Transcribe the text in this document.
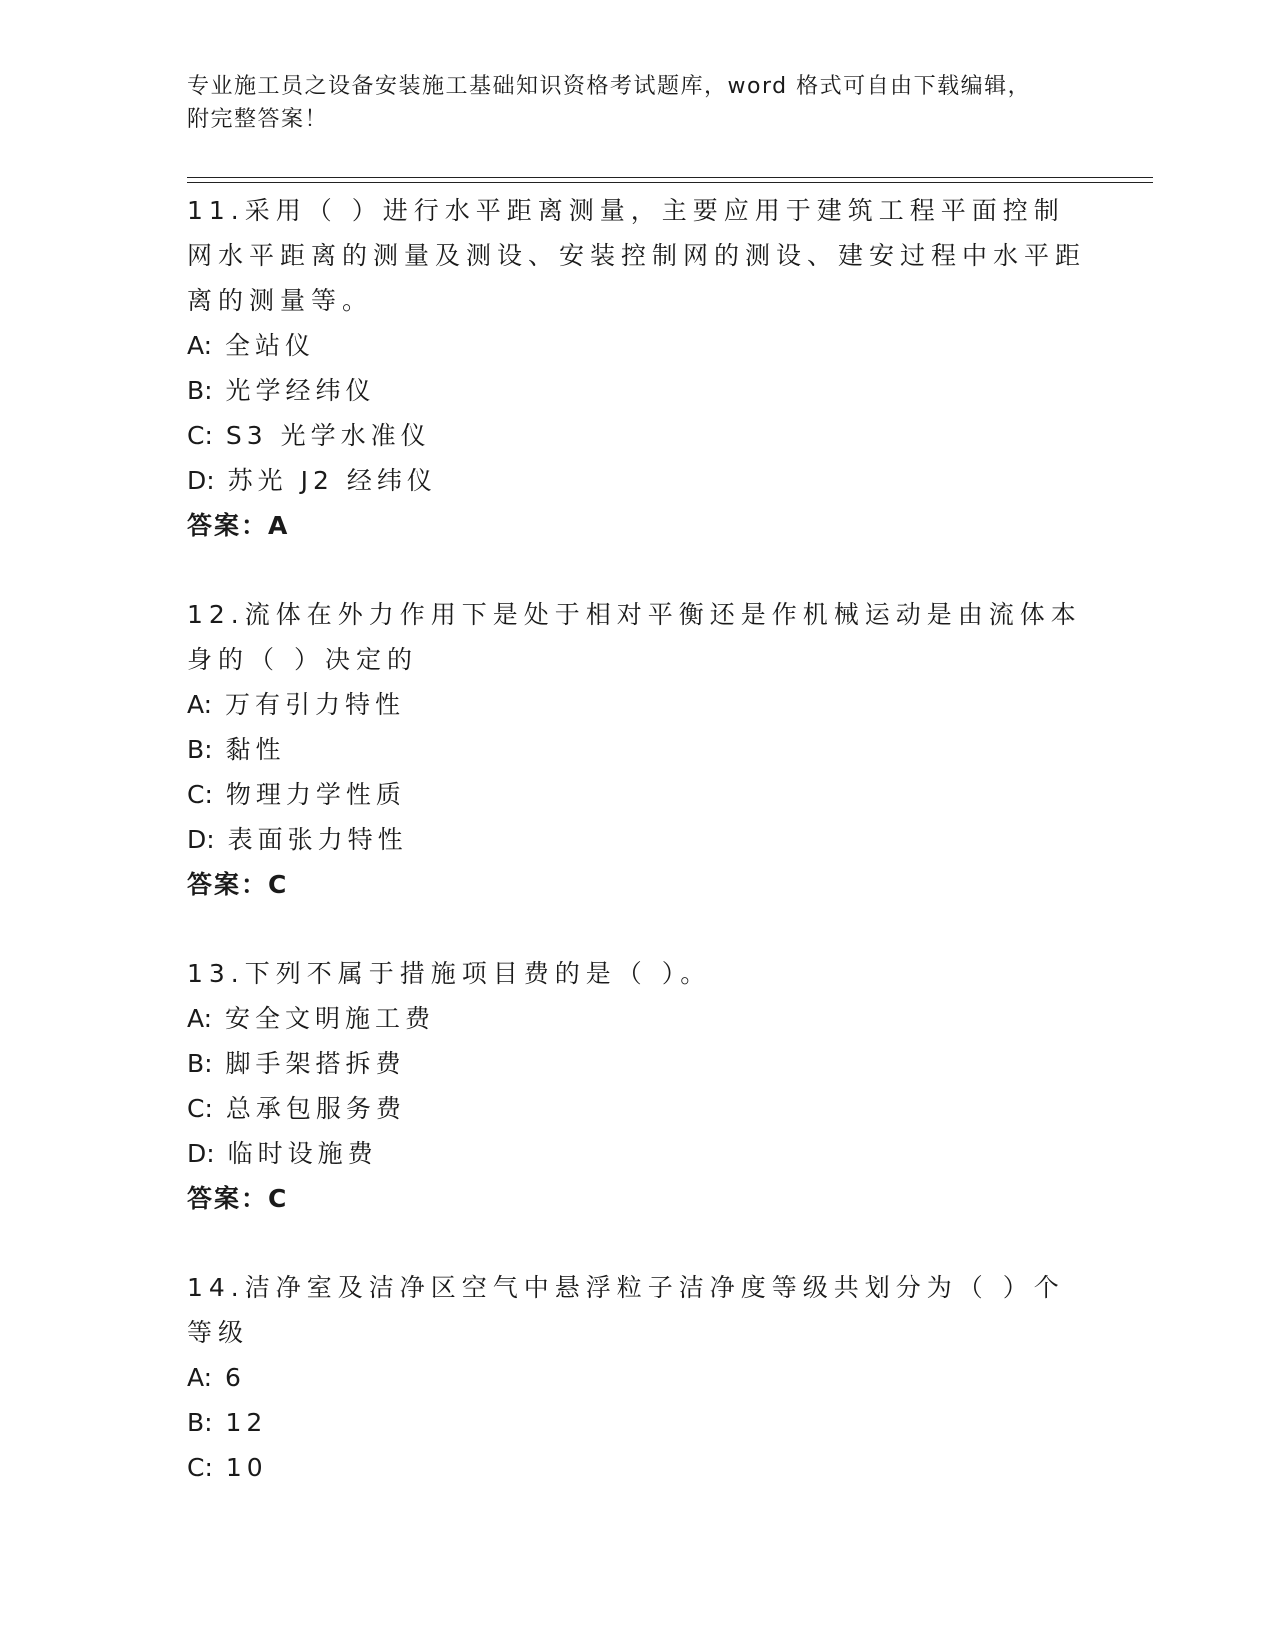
专业施工员之设备安装施工基础知识资格考试题库，word 格式可自由下载编辑，
附完整答案！

11.采用（ ）进行水平距离测量，主要应用于建筑工程平面控制网水平距离的测量及测设、安装控制网的测设、建安过程中水平距离的测量等。

A: 全站仪

B: 光学经纬仪

C: S3 光学水准仪

D: 苏光 J2 经纬仪

答案：A

12.流体在外力作用下是处于相对平衡还是作机械运动是由流体本身的（ ）决定的

A: 万有引力特性

B: 黏性

C: 物理力学性质

D: 表面张力特性

答案：C

13.下列不属于措施项目费的是（ ）。

A: 安全文明施工费

B: 脚手架搭拆费

C: 总承包服务费

D: 临时设施费

答案：C

14.洁净室及洁净区空气中悬浮粒子洁净度等级共划分为（ ）个等级

A: 6

B: 12

C: 10
